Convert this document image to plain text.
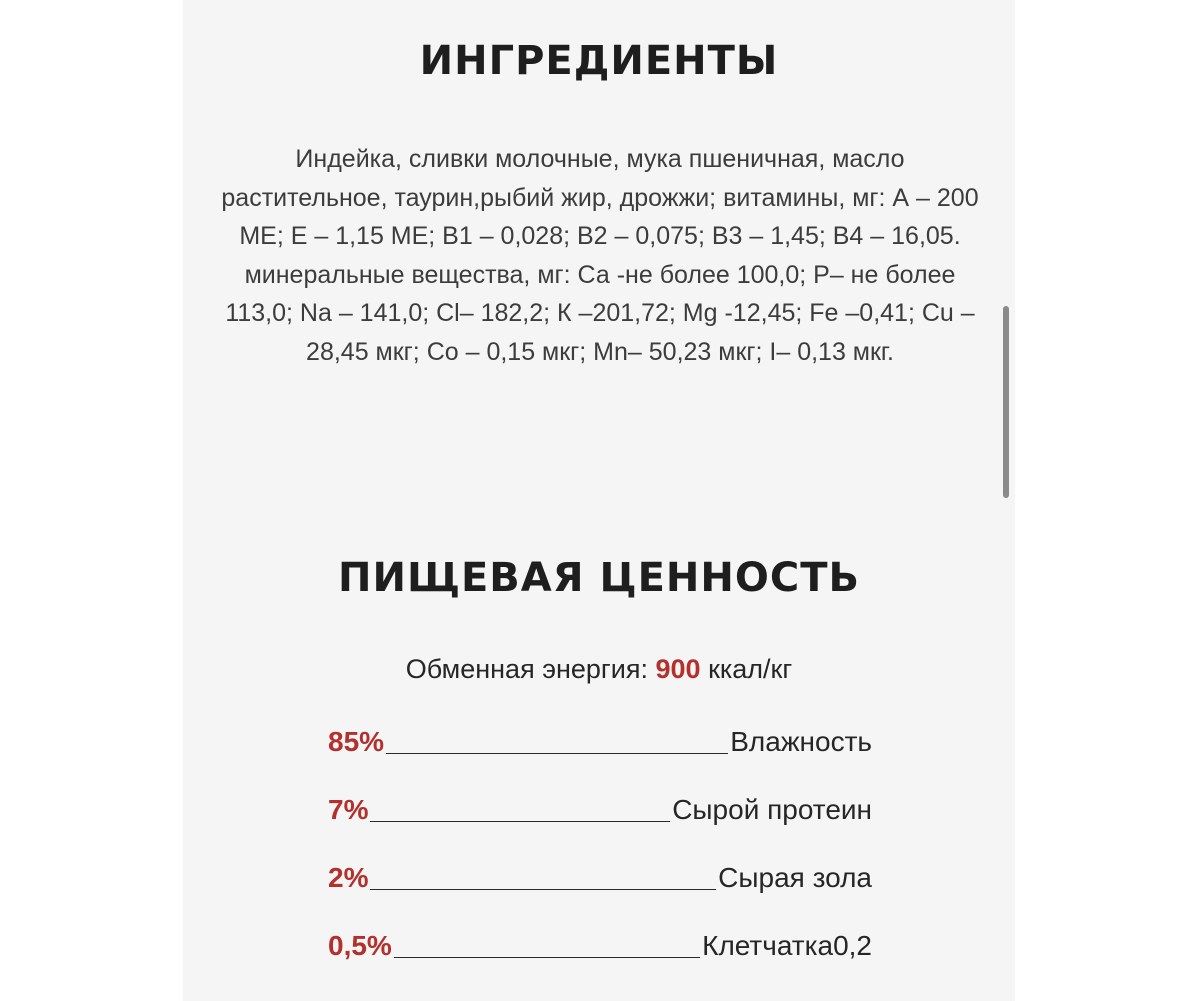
ИНГРЕДИЕНТЫ

Индейка, сливки молочные, мука пшеничная, масло растительное, таурин,рыбий жир, дрожжи; витамины, мг: А – 200 МЕ; Е – 1,15 МЕ; В1 – 0,028; В2 – 0,075; В3 – 1,45; В4 – 16,05. минеральные вещества, мг: Са -не более 100,0; Р– не более 113,0; Na – 141,0; Cl– 182,2; К –201,72; Mg -12,45; Fe –0,41; Cu – 28,45 мкг; Со – 0,15 мкг; Mn– 50,23 мкг; I– 0,13 мкг.

ПИЩЕВАЯ ЦЕННОСТЬ

Обменная энергия: 900 ккал/кг

85%	Влажность
7%	Сырой протеин
2%	Сырая зола
0,5%	Клетчатка0,2
